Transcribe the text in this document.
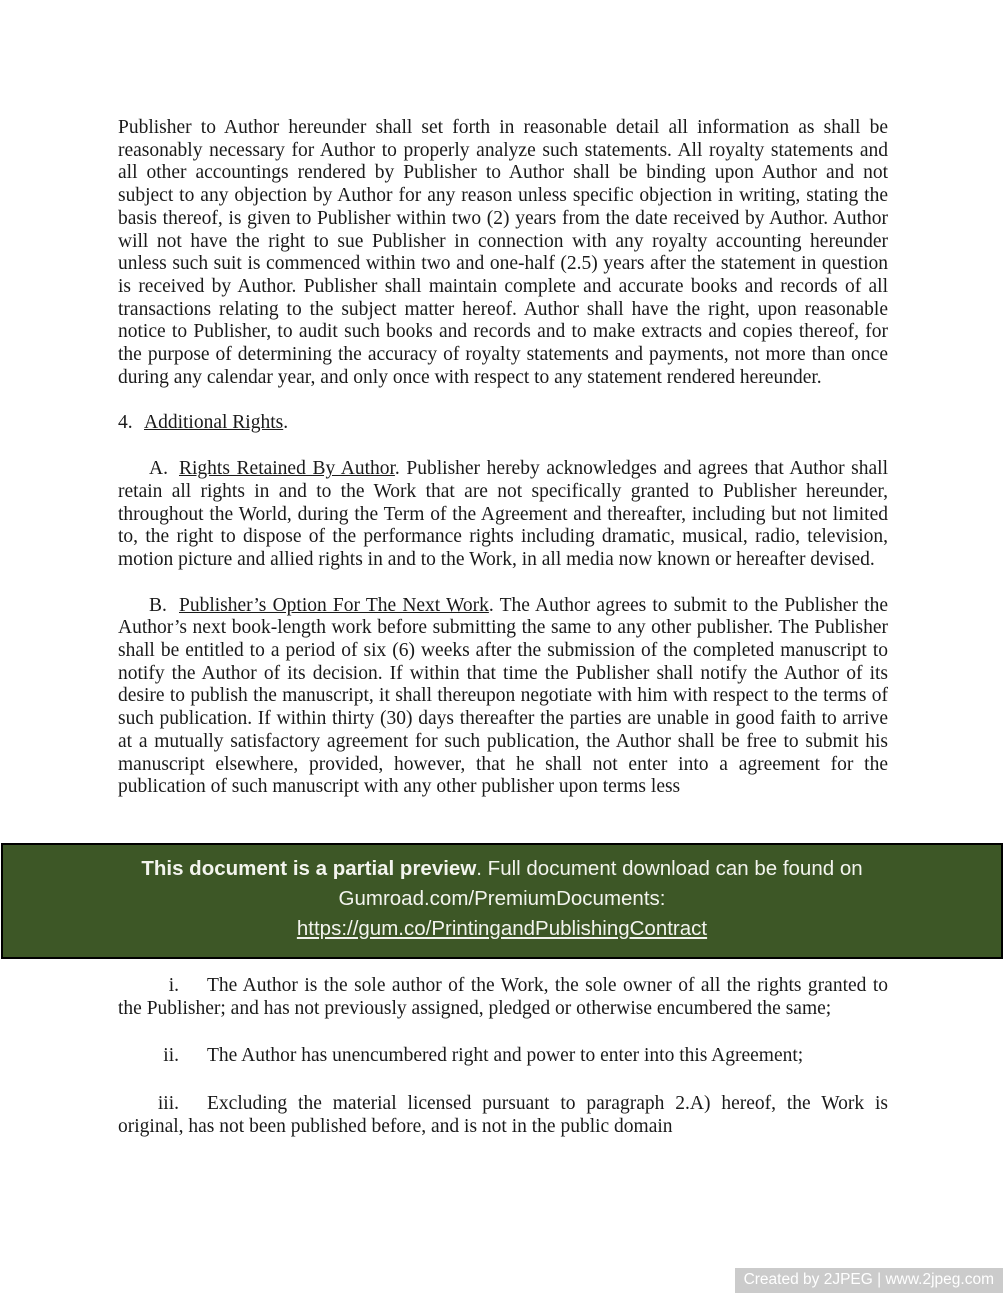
Publisher to Author hereunder shall set forth in reasonable detail all information as shall be reasonably necessary for Author to properly analyze such statements. All royalty statements and all other accountings rendered by Publisher to Author shall be binding upon Author and not subject to any objection by Author for any reason unless specific objection in writing, stating the basis thereof, is given to Publisher within two (2) years from the date received by Author. Author will not have the right to sue Publisher in connection with any royalty accounting hereunder unless such suit is commenced within two and one-half (2.5) years after the statement in question is received by Author. Publisher shall maintain complete and accurate books and records of all transactions relating to the subject matter hereof. Author shall have the right, upon reasonable notice to Publisher, to audit such books and records and to make extracts and copies thereof, for the purpose of determining the accuracy of royalty statements and payments, not more than once during any calendar year, and only once with respect to any statement rendered hereunder.

4. Additional Rights.

A. Rights Retained By Author. Publisher hereby acknowledges and agrees that Author shall retain all rights in and to the Work that are not specifically granted to Publisher hereunder, throughout the World, during the Term of the Agreement and thereafter, including but not limited to, the right to dispose of the performance rights including dramatic, musical, radio, television, motion picture and allied rights in and to the Work, in all media now known or hereafter devised.

B. Publisher’s Option For The Next Work. The Author agrees to submit to the Publisher the Author’s next book-length work before submitting the same to any other publisher. The Publisher shall be entitled to a period of six (6) weeks after the submission of the completed manuscript to notify the Author of its decision. If within that time the Publisher shall notify the Author of its desire to publish the manuscript, it shall thereupon negotiate with him with respect to the terms of such publication. If within thirty (30) days thereafter the parties are unable in good faith to arrive at a mutually satisfactory agreement for such publication, the Author shall be free to submit his manuscript elsewhere, provided, however, that he shall not enter into a agreement for the publication of such manuscript with any other publisher upon terms less

i. The Author is the sole author of the Work, the sole owner of all the rights granted to the Publisher; and has not previously assigned, pledged or otherwise encumbered the same;

ii. The Author has unencumbered right and power to enter into this Agreement;

iii. Excluding the material licensed pursuant to paragraph 2.A) hereof, the Work is original, has not been published before, and is not in the public domain

This document is a partial preview. Full document download can be found on
Gumroad.com/PremiumDocuments:
https://gum.co/PrintingandPublishingContract
Created by 2JPEG | www.2jpeg.com
